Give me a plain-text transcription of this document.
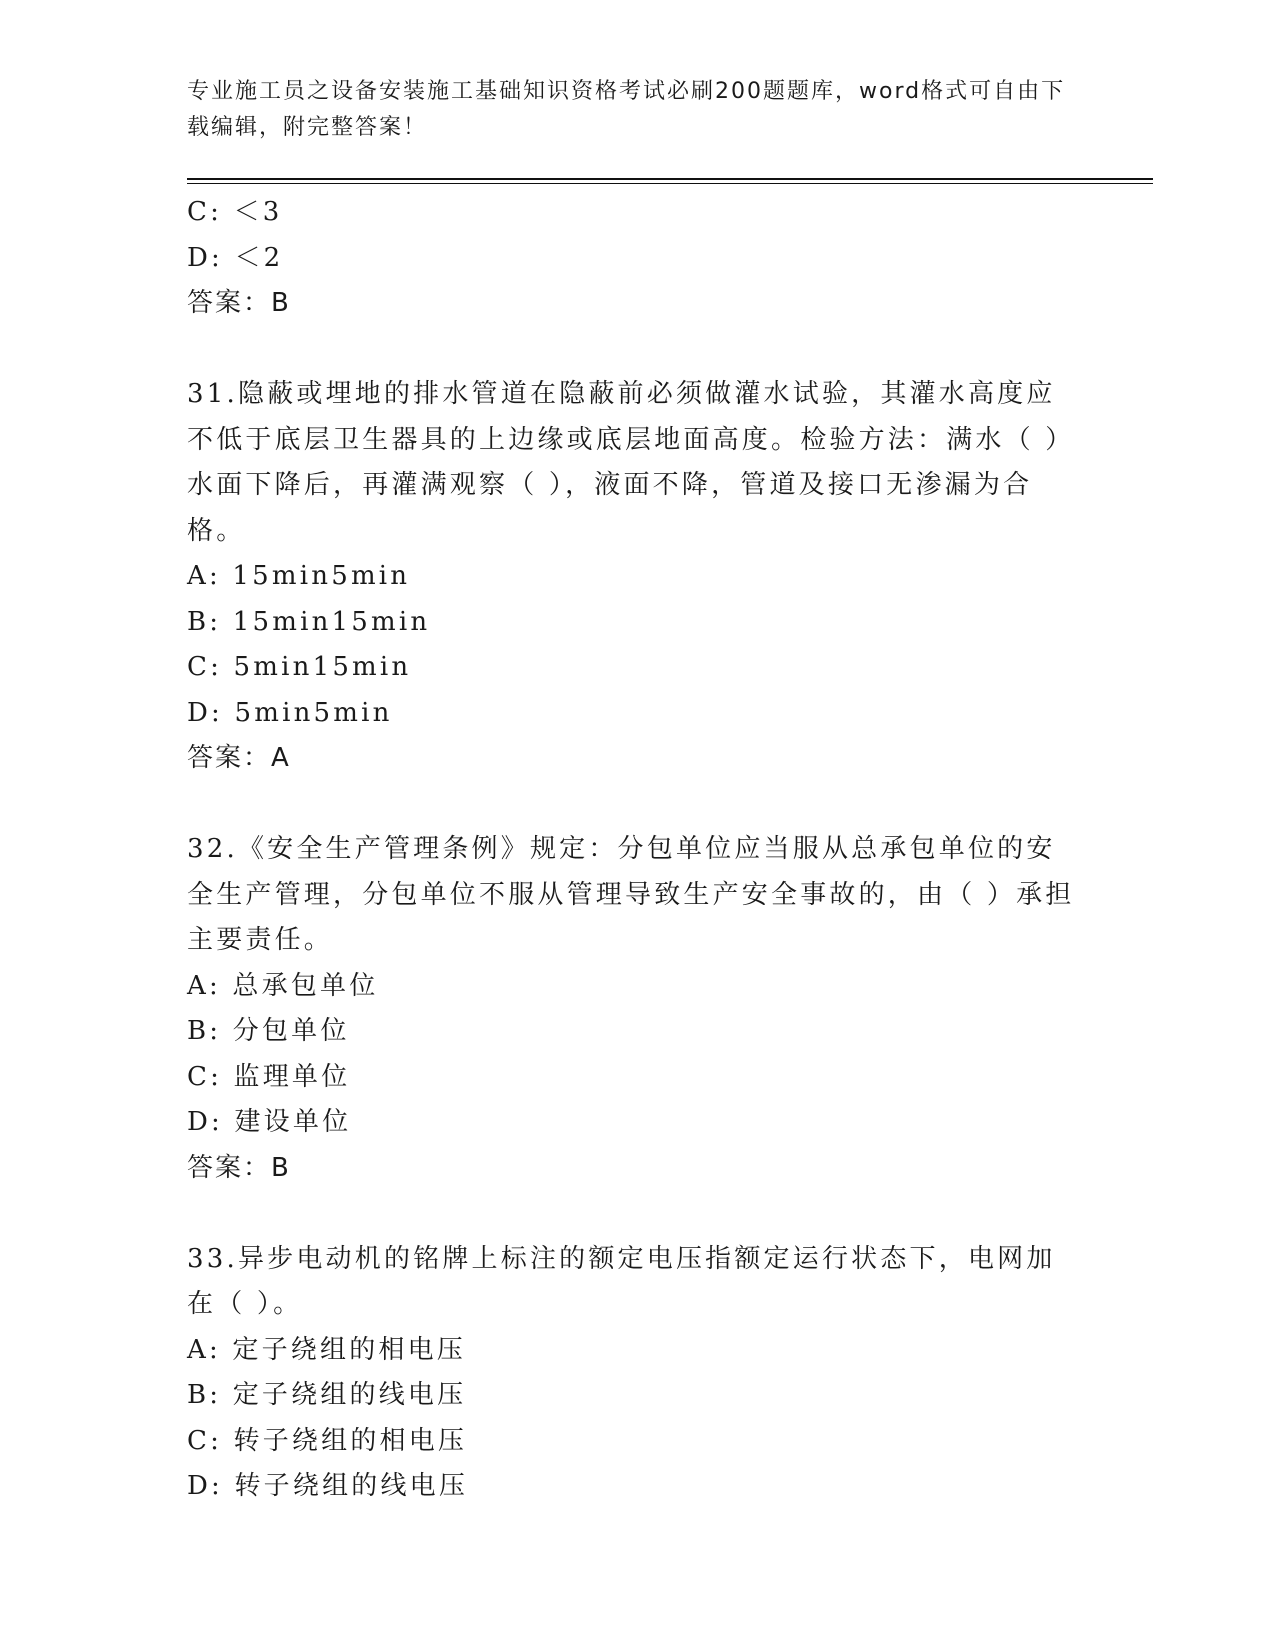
专业施工员之设备安装施工基础知识资格考试必刷200题题库，word格式可自由下载编辑，附完整答案！
C: ＜3
D: ＜2
答案：B
31.隐蔽或埋地的排水管道在隐蔽前必须做灌水试验，其灌水高度应不低于底层卫生器具的上边缘或底层地面高度。检验方法：满水（ ）水面下降后，再灌满观察（ ），液面不降，管道及接口无渗漏为合格。
A: 15min5min
B: 15min15min
C: 5min15min
D: 5min5min
答案：A
32.《安全生产管理条例》规定：分包单位应当服从总承包单位的安全生产管理，分包单位不服从管理导致生产安全事故的，由（ ）承担主要责任。
A: 总承包单位
B: 分包单位
C: 监理单位
D: 建设单位
答案：B
33.异步电动机的铭牌上标注的额定电压指额定运行状态下，电网加在（ ）。
A: 定子绕组的相电压
B: 定子绕组的线电压
C: 转子绕组的相电压
D: 转子绕组的线电压
